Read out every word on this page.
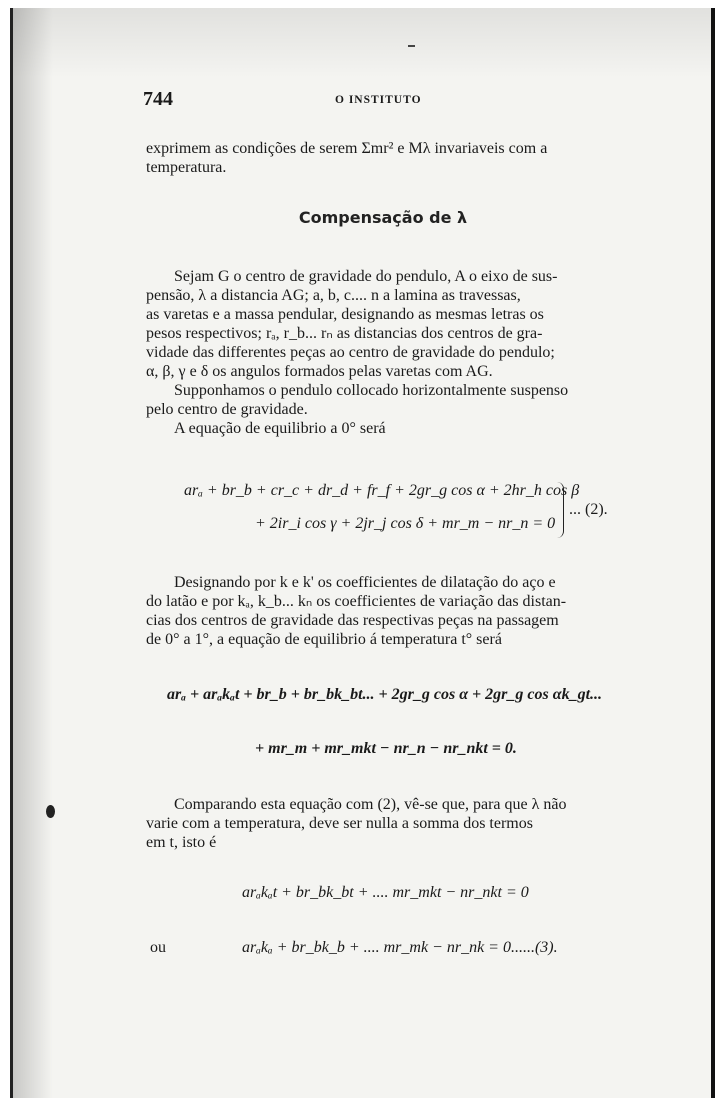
744	O INSTITUTO
exprimem as condições de serem Σmr² e Mλ invariaveis com a
temperatura.
Compensação de λ
Sejam G o centro de gravidade do pendulo, A o eixo de sus-
pensão, λ a distancia AG; a, b, c.... n a lamina as travessas,
as varetas e a massa pendular, designando as mesmas letras os
pesos respectivos; rₐ, r_b... rₙ as distancias dos centros de gra-
vidade das differentes peças ao centro de gravidade do pendulo;
α, β, γ e δ os angulos formados pelas varetas com AG.
Supponhamos o pendulo collocado horizontalmente suspenso
pelo centro de gravidade.
A equação de equilibrio a 0° será
arₐ + br_b + cr_c + dr_d + fr_f + 2gr_g cos α + 2hr_h cos β
+ 2ir_i cos γ + 2jr_j cos δ + mr_m − nr_n = 0
... (2).
Designando por k e k' os coefficientes de dilatação do aço e
do latão e por kₐ, k_b... kₙ os coefficientes de variação das distan-
cias dos centros de gravidade das respectivas peças na passagem
de 0° a 1°, a equação de equilibrio á temperatura t° será
arₐ + arₐkₐt + br_b + br_bk_bt... + 2gr_g cos α + 2gr_g cos αk_gt...
+ mr_m + mr_mkt − nr_n − nr_nkt = 0.
Comparando esta equação com (2), vê-se que, para que λ não
varie com a temperatura, deve ser nulla a somma dos termos
em t, isto é
arₐkₐt + br_bk_bt + .... mr_mkt − nr_nkt = 0
ou	arₐkₐ + br_bk_b + .... mr_mk − nr_nk = 0......(3).
